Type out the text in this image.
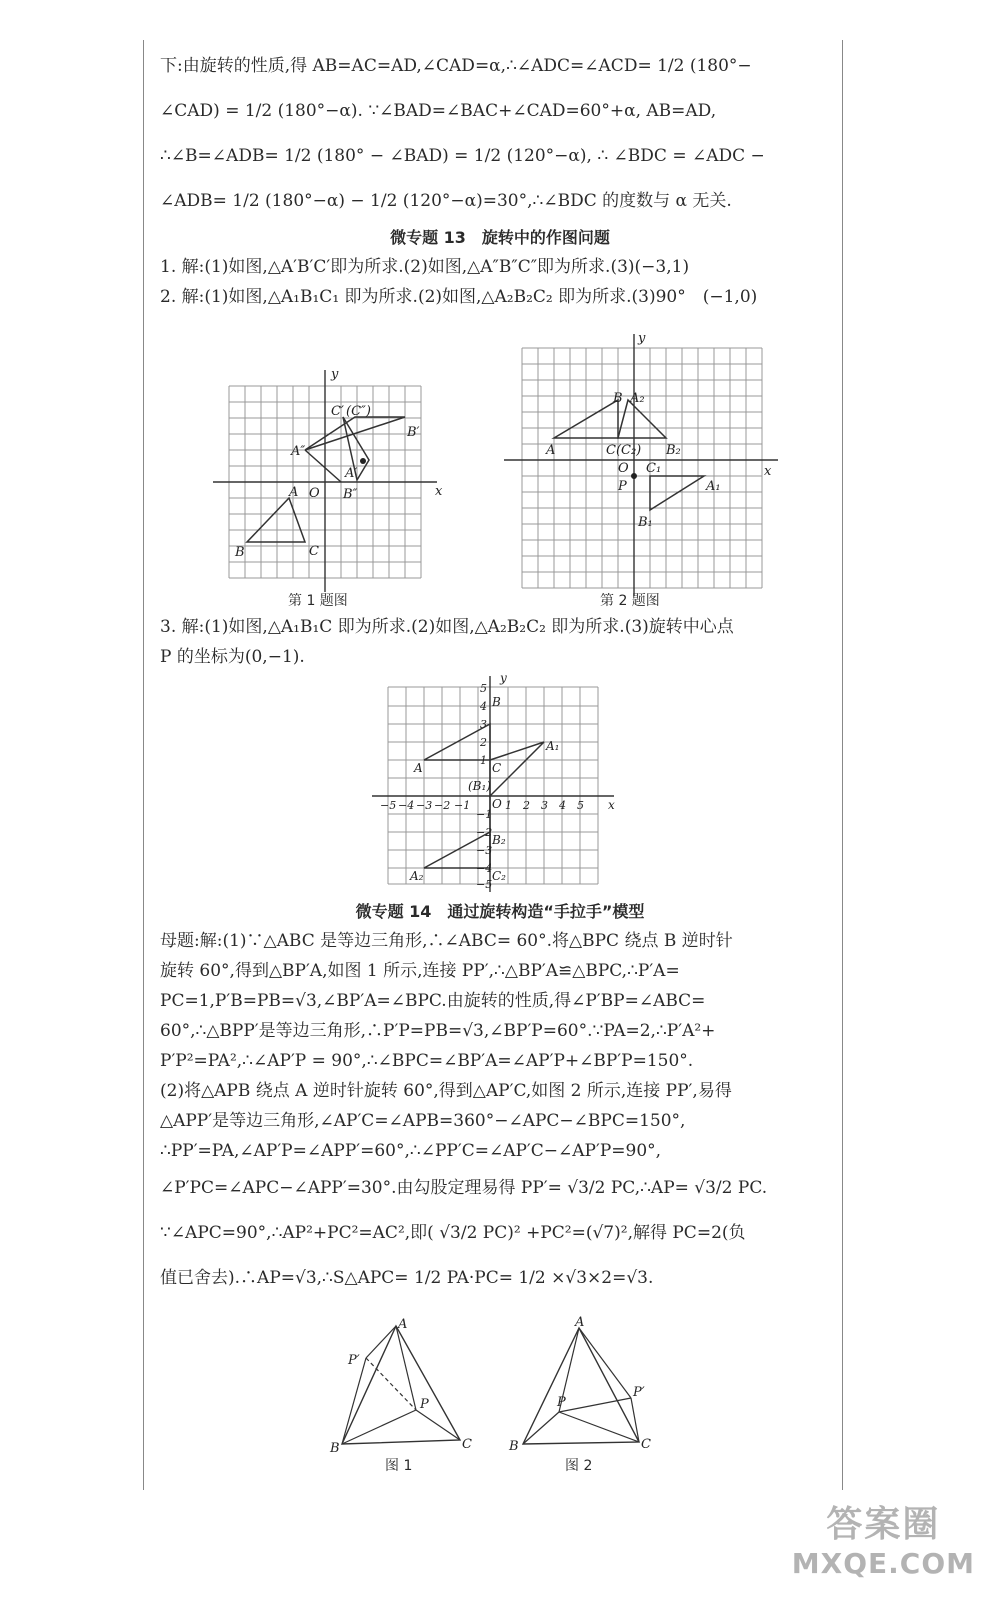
下:由旋转的性质,得 AB=AC=AD,∠CAD=α,∴∠ADC=∠ACD= 1/2 (180°−

∠CAD) = 1/2 (180°−α). ∵∠BAD=∠BAC+∠CAD=60°+α, AB=AD,

∴∠B=∠ADB= 1/2 (180° − ∠BAD) = 1/2 (120°−α), ∴ ∠BDC = ∠ADC −

∠ADB= 1/2 (180°−α) − 1/2 (120°−α)=30°,∴∠BDC 的度数与 α 无关.

微专题 13　旋转中的作图问题

1. 解:(1)如图,△A′B′C′即为所求.(2)如图,△A″B″C″即为所求.(3)(−3,1)

2. 解:(1)如图,△A₁B₁C₁ 即为所求.(2)如图,△A₂B₂C₂ 即为所求.(3)90°　(−1,0)

y
x
O
C′ (C″)
B′
A″
A′
B″
A
B	C
y
x
B A₂
A	C(C₂) B₂
O C₁
P	A₁
B₁
第 1 题图	第 2 题图

3. 解:(1)如图,△A₁B₁C 即为所求.(2)如图,△A₂B₂C₂ 即为所求.(3)旋转中心点

P 的坐标为(0,−1).

y
x
B
A₁
A	C
(B₁)
O
B₂
A₂	C₂
−5 −4 −3 −2 −1	1 2 3 4 5
5
4
3
2
1
−1
−2
−3
−4
−5

微专题 14　通过旋转构造“手拉手”模型

母题:解:(1)∵△ABC 是等边三角形,∴∠ABC= 60°.将△BPC 绕点 B 逆时针

旋转 60°,得到△BP′A,如图 1 所示,连接 PP′,∴△BP′A≌△BPC,∴P′A=

PC=1,P′B=PB=√3,∠BP′A=∠BPC.由旋转的性质,得∠P′BP=∠ABC=

60°,∴△BPP′是等边三角形,∴P′P=PB=√3,∠BP′P=60°.∵PA=2,∴P′A²+

P′P²=PA²,∴∠AP′P = 90°,∴∠BPC=∠BP′A=∠AP′P+∠BP′P=150°.

(2)将△APB 绕点 A 逆时针旋转 60°,得到△AP′C,如图 2 所示,连接 PP′,易得

△APP′是等边三角形,∠AP′C=∠APB=360°−∠APC−∠BPC=150°,

∴PP′=PA,∠AP′P=∠APP′=60°,∴∠PP′C=∠AP′C−∠AP′P=90°,

∠P′PC=∠APC−∠APP′=30°.由勾股定理易得 PP′= √3/2 PC,∴AP= √3/2 PC.

∵∠APC=90°,∴AP²+PC²=AC²,即( √3/2 PC)² +PC²=(√7)²,解得 PC=2(负

值已舍去).∴AP=√3,∴S△APC= 1/2 PA·PC= 1/2 ×√3×2=√3.

A
B	C
P
P′
A
B	C
P
P′
图 1	图 2
答案圈
MXQE.COM
